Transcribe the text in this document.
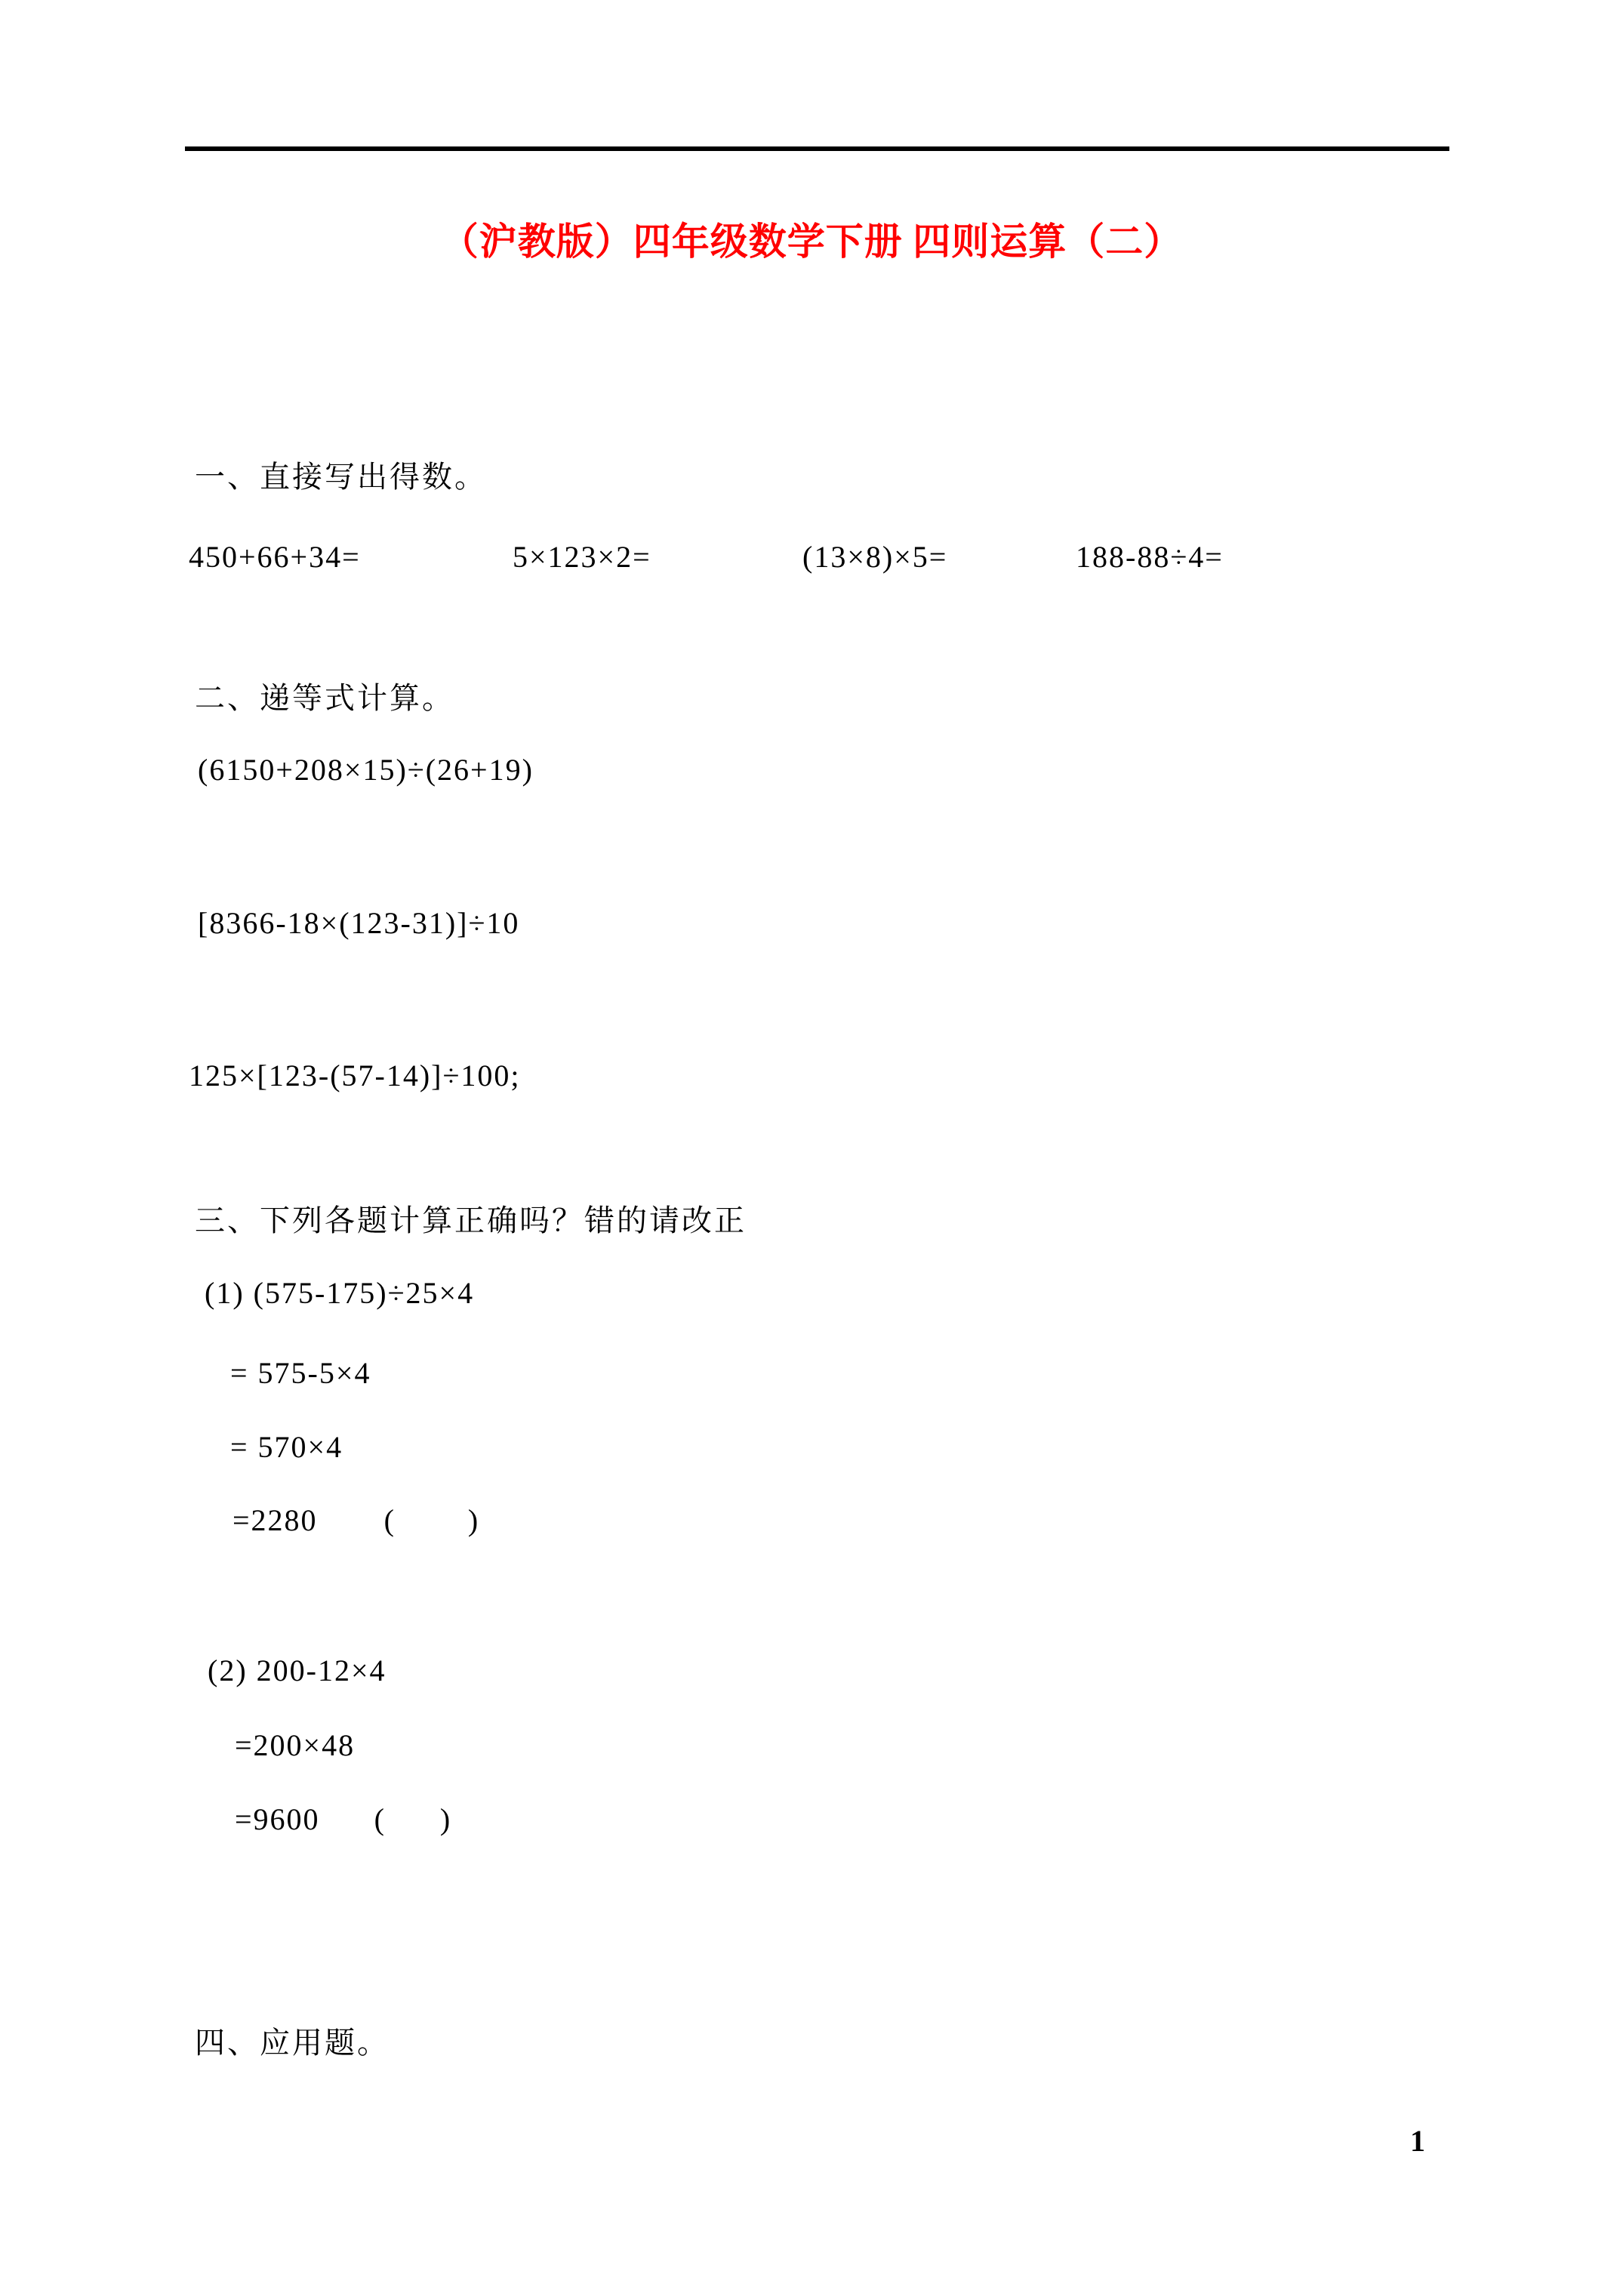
（沪教版）四年级数学下册 四则运算（二）
一、直接写出得数。
450+66+34=	5×123×2=	(13×8)×5=	188-88÷4=
二、递等式计算。
(6150+208×15)÷(26+19)
[8366-18×(123-31)]÷10
125×[123-(57-14)]÷100;
三、下列各题计算正确吗？错的请改正
(1) (575-175)÷25×4
= 575-5×4
= 570×4
=2280 (        )
(2) 200-12×4
=200×48
=9600 (      )
四、应用题。
1
